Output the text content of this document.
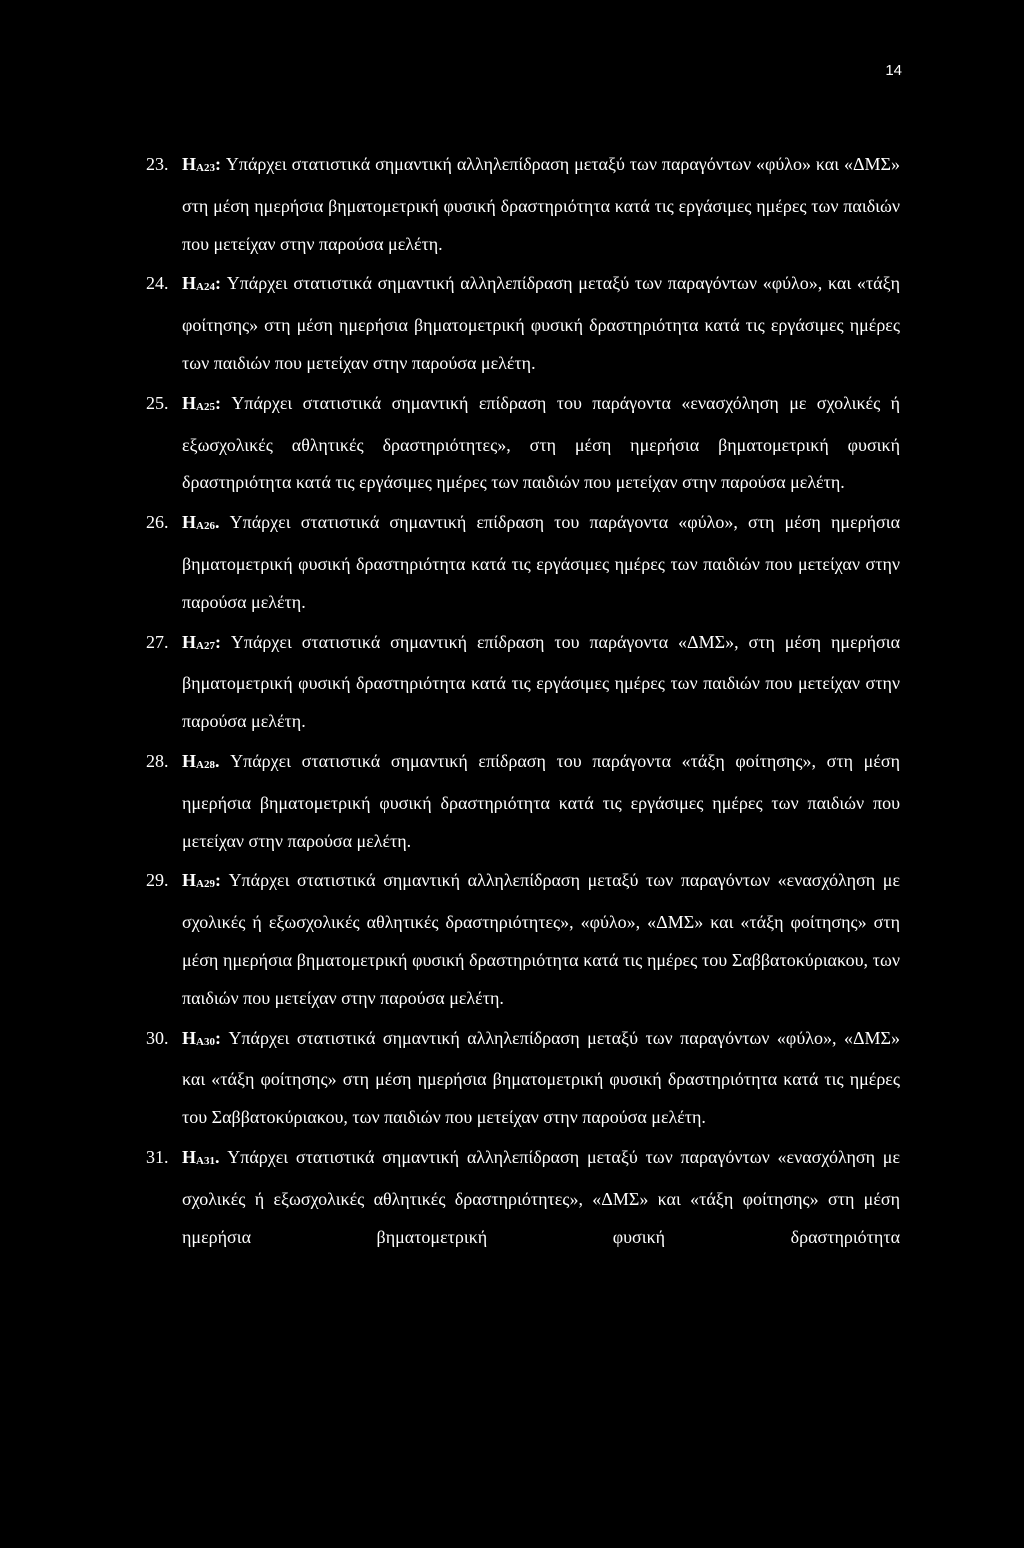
14
23. $H_{A23}$: Υπάρχει στατιστικά σημαντική αλληλεπίδραση μεταξύ των παραγόντων «φύλο» και «ΔΜΣ» στη μέση ημερήσια βηματομετρική φυσική δραστηριότητα κατά τις εργάσιμες ημέρες των παιδιών που μετείχαν στην παρούσα μελέτη.
24. $H_{A24}$: Υπάρχει στατιστικά σημαντική αλληλεπίδραση μεταξύ των παραγόντων «φύλο», και «τάξη φοίτησης» στη μέση ημερήσια βηματομετρική φυσική δραστηριότητα κατά τις εργάσιμες ημέρες των παιδιών που μετείχαν στην παρούσα μελέτη.
25. $H_{A25}$: Υπάρχει στατιστικά σημαντική επίδραση του παράγοντα «ενασχόληση με σχολικές ή εξωσχολικές αθλητικές δραστηριότητες», στη μέση ημερήσια βηματομετρική φυσική δραστηριότητα κατά τις εργάσιμες ημέρες των παιδιών που μετείχαν στην παρούσα μελέτη.
26. $H_{A26}$. Υπάρχει στατιστικά σημαντική επίδραση του παράγοντα «φύλο», στη μέση ημερήσια βηματομετρική φυσική δραστηριότητα κατά τις εργάσιμες ημέρες των παιδιών που μετείχαν στην παρούσα μελέτη.
27. $H_{A27}$: Υπάρχει στατιστικά σημαντική επίδραση του παράγοντα «ΔΜΣ», στη μέση ημερήσια βηματομετρική φυσική δραστηριότητα κατά τις εργάσιμες ημέρες των παιδιών που μετείχαν στην παρούσα μελέτη.
28. $H_{A28}$. Υπάρχει στατιστικά σημαντική επίδραση του παράγοντα «τάξη φοίτησης», στη μέση ημερήσια βηματομετρική φυσική δραστηριότητα κατά τις εργάσιμες ημέρες των παιδιών που μετείχαν στην παρούσα μελέτη.
29. $H_{A29}$: Υπάρχει στατιστικά σημαντική αλληλεπίδραση μεταξύ των παραγόντων «ενασχόληση με σχολικές ή εξωσχολικές αθλητικές δραστηριότητες», «φύλο», «ΔΜΣ» και «τάξη φοίτησης» στη μέση ημερήσια βηματομετρική φυσική δραστηριότητα κατά τις ημέρες του Σαββατοκύριακου, των παιδιών που μετείχαν στην παρούσα μελέτη.
30. $H_{A30}$: Υπάρχει στατιστικά σημαντική αλληλεπίδραση μεταξύ των παραγόντων «φύλο», «ΔΜΣ» και «τάξη φοίτησης» στη μέση ημερήσια βηματομετρική φυσική δραστηριότητα κατά τις ημέρες του Σαββατοκύριακου, των παιδιών που μετείχαν στην παρούσα μελέτη.
31. $H_{A31}$. Υπάρχει στατιστικά σημαντική αλληλεπίδραση μεταξύ των παραγόντων «ενασχόληση με σχολικές ή εξωσχολικές αθλητικές δραστηριότητες», «ΔΜΣ» και «τάξη φοίτησης» στη μέση ημερήσια βηματομετρική φυσική δραστηριότητα
